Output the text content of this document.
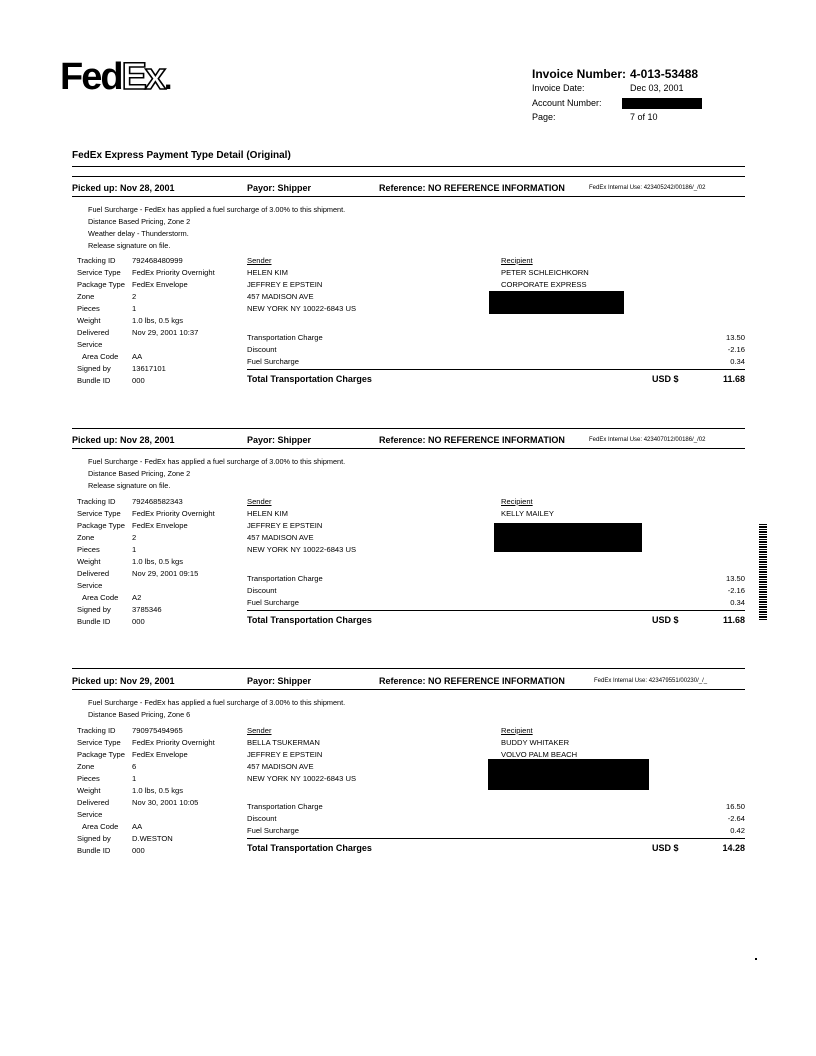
FedEx.	Invoice Number: 4-013-53488
Invoice Date:	Dec 03, 2001
Account Number:
Page:	7 of 10
FedEx Express Payment Type Detail (Original)
Picked up: Nov 28, 2001	Payor: Shipper	Reference: NO REFERENCE INFORMATION	FedEx Internal Use: 423405242/00186/_/02
Fuel Surcharge - FedEx has applied a fuel surcharge of 3.00% to this shipment.
Distance Based Pricing, Zone 2
Weather delay - Thunderstorm.
Release signature on file.
Tracking ID 792468480999
Service Type FedEx Priority Overnight
Package Type FedEx Envelope
Zone	2
Pieces	1
Weight	1.0 lbs, 0.5 kgs
Delivered	Nov 29, 2001 10:37
Service
Area Code AA
Signed by	13617101
Bundle ID	000
Sender
HELEN KIM
JEFFREY E EPSTEIN
457 MADISON AVE
NEW YORK NY 10022-6843 US
Recipient
PETER SCHLEICHKORN
CORPORATE EXPRESS
Transportation Charge	13.50
Discount	-2.16
Fuel Surcharge	0.34
Total Transportation Charges	USD $	11.68
Picked up: Nov 28, 2001	Payor: Shipper	Reference: NO REFERENCE INFORMATION	FedEx Internal Use: 423407012/00186/_/02
Fuel Surcharge - FedEx has applied a fuel surcharge of 3.00% to this shipment.
Distance Based Pricing, Zone 2
Release signature on file.
Tracking ID 792468582343
Service Type FedEx Priority Overnight
Package Type FedEx Envelope
Zone	2
Pieces	1
Weight	1.0 lbs, 0.5 kgs
Delivered	Nov 29, 2001 09:15
Service
Area Code A2
Signed by	3785346
Bundle ID	000
Sender
HELEN KIM
JEFFREY E EPSTEIN
457 MADISON AVE
NEW YORK NY 10022-6843 US
Recipient
KELLY MAILEY
Transportation Charge	13.50
Discount	-2.16
Fuel Surcharge	0.34
Total Transportation Charges	USD $	11.68
Picked up: Nov 29, 2001	Payor: Shipper	Reference: NO REFERENCE INFORMATION	FedEx Internal Use: 423479551/00230/_/_
Fuel Surcharge - FedEx has applied a fuel surcharge of 3.00% to this shipment.
Distance Based Pricing, Zone 6
Tracking ID 790975494965
Service Type FedEx Priority Overnight
Package Type FedEx Envelope
Zone	6
Pieces	1
Weight	1.0 lbs, 0.5 kgs
Delivered	Nov 30, 2001 10:05
Service
Area Code AA
Signed by	D.WESTON
Bundle ID	000
Sender
BELLA TSUKERMAN
JEFFREY E EPSTEIN
457 MADISON AVE
NEW YORK NY 10022-6843 US
Recipient
BUDDY WHITAKER
VOLVO PALM BEACH
Transportation Charge	16.50
Discount	-2.64
Fuel Surcharge	0.42
Total Transportation Charges	USD $	14.28
